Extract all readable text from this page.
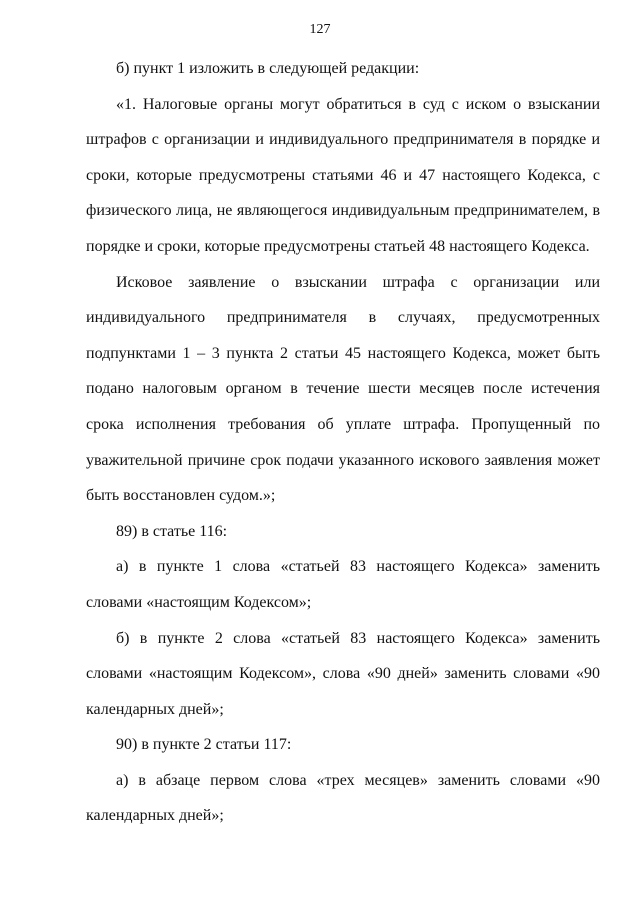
127

б) пункт 1 изложить в следующей редакции:

«1. Налоговые органы могут обратиться в суд с иском о взыскании штрафов с организации и индивидуального предпринимателя в порядке и сроки, которые предусмотрены статьями 46 и 47 настоящего Кодекса, с физического лица, не являющегося индивидуальным предпринимателем, в порядке и сроки, которые предусмотрены статьей 48 настоящего Кодекса.

Исковое заявление о взыскании штрафа с организации или индивидуального предпринимателя в случаях, предусмотренных подпунктами 1 – 3 пункта 2 статьи 45 настоящего Кодекса, может быть подано налоговым органом в течение шести месяцев после истечения срока исполнения требования об уплате штрафа. Пропущенный по уважительной причине срок подачи указанного искового заявления может быть восстановлен судом.»;

89) в статье 116:

а) в пункте 1 слова «статьей 83 настоящего Кодекса» заменить словами «настоящим Кодексом»;

б) в пункте 2 слова «статьей 83 настоящего Кодекса» заменить словами «настоящим Кодексом», слова «90 дней» заменить словами «90 календарных дней»;

90) в пункте 2 статьи 117:

а) в абзаце первом слова «трех месяцев» заменить словами «90 календарных дней»;
